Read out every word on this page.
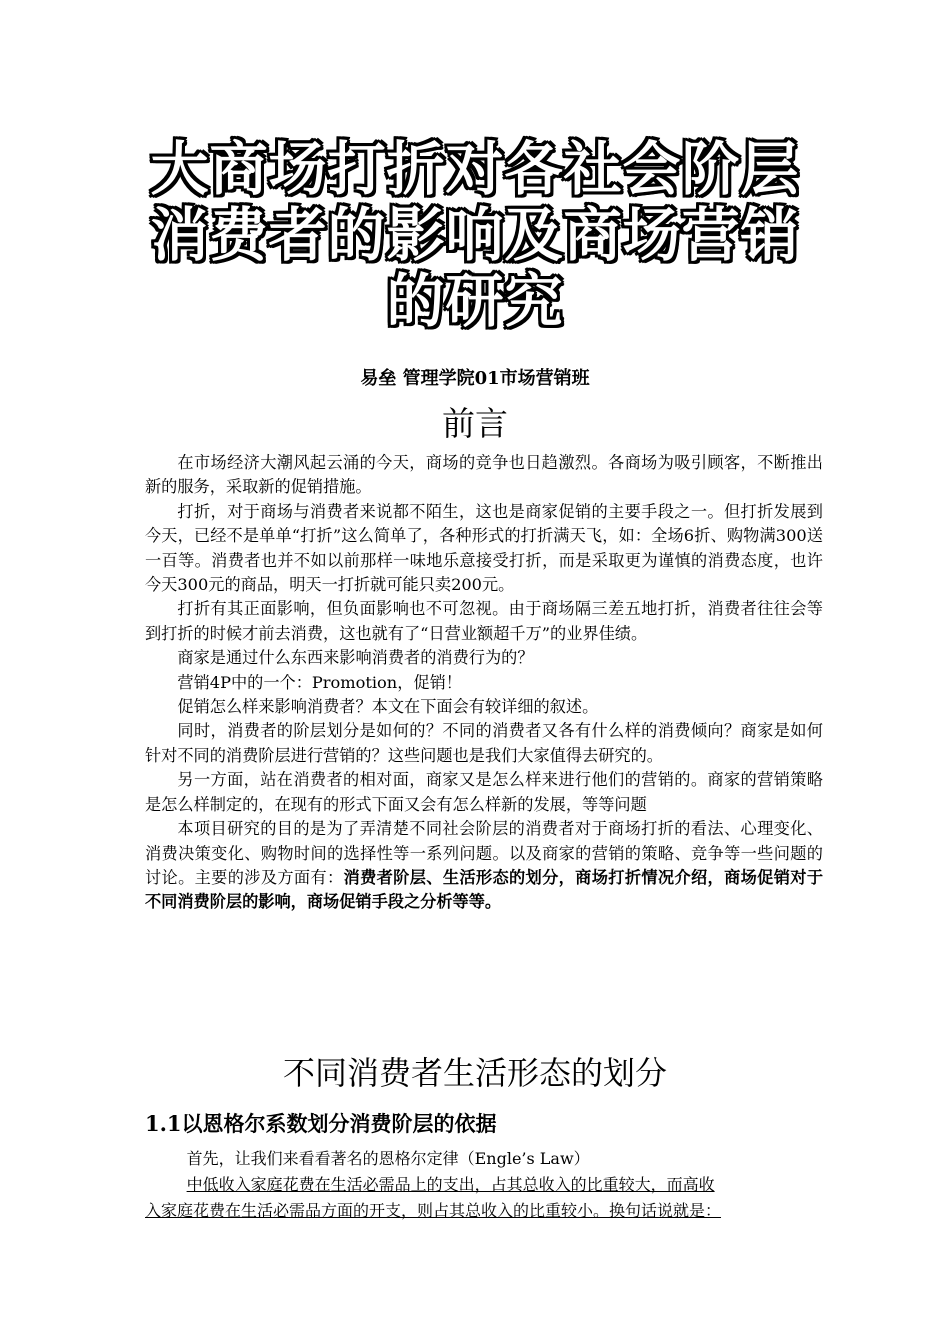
大商场打折对各社会阶层
消费者的影响及商场营销
的研究
易垒 管理学院01市场营销班
前言

在市场经济大潮风起云涌的今天，商场的竞争也日趋激烈。各商场为吸引顾客，不断推出新的服务，采取新的促销措施。

打折，对于商场与消费者来说都不陌生，这也是商家促销的主要手段之一。但打折发展到今天，已经不是单单“打折”这么简单了，各种形式的打折满天飞，如：全场6折、购物满300送一百等。消费者也并不如以前那样一味地乐意接受打折，而是采取更为谨慎的消费态度，也许今天300元的商品，明天一打折就可能只卖200元。

打折有其正面影响，但负面影响也不可忽视。由于商场隔三差五地打折，消费者往往会等到打折的时候才前去消费，这也就有了“日营业额超千万”的业界佳绩。

商家是通过什么东西来影响消费者的消费行为的？

营销4P中的一个：Promotion，促销！

促销怎么样来影响消费者？本文在下面会有较详细的叙述。

同时，消费者的阶层划分是如何的？不同的消费者又各有什么样的消费倾向？商家是如何针对不同的消费阶层进行营销的？这些问题也是我们大家值得去研究的。

另一方面，站在消费者的相对面，商家又是怎么样来进行他们的营销的。商家的营销策略是怎么样制定的，在现有的形式下面又会有怎么样新的发展，等等问题

本项目研究的目的是为了弄清楚不同社会阶层的消费者对于商场打折的看法、心理变化、消费决策变化、购物时间的选择性等一系列问题。以及商家的营销的策略、竞争等一些问题的讨论。主要的涉及方面有：消费者阶层、生活形态的划分，商场打折情况介绍，商场促销对于不同消费阶层的影响，商场促销手段之分析等等。

不同消费者生活形态的划分
1.1以恩格尔系数划分消费阶层的依据

首先，让我们来看看著名的恩格尔定律（Engle’s Law）

中低收入家庭花费在生活必需品上的支出，占其总收入的比重较大，而高收

入家庭花费在生活必需品方面的开支，则占其总收入的比重较小。换句话说就是：
